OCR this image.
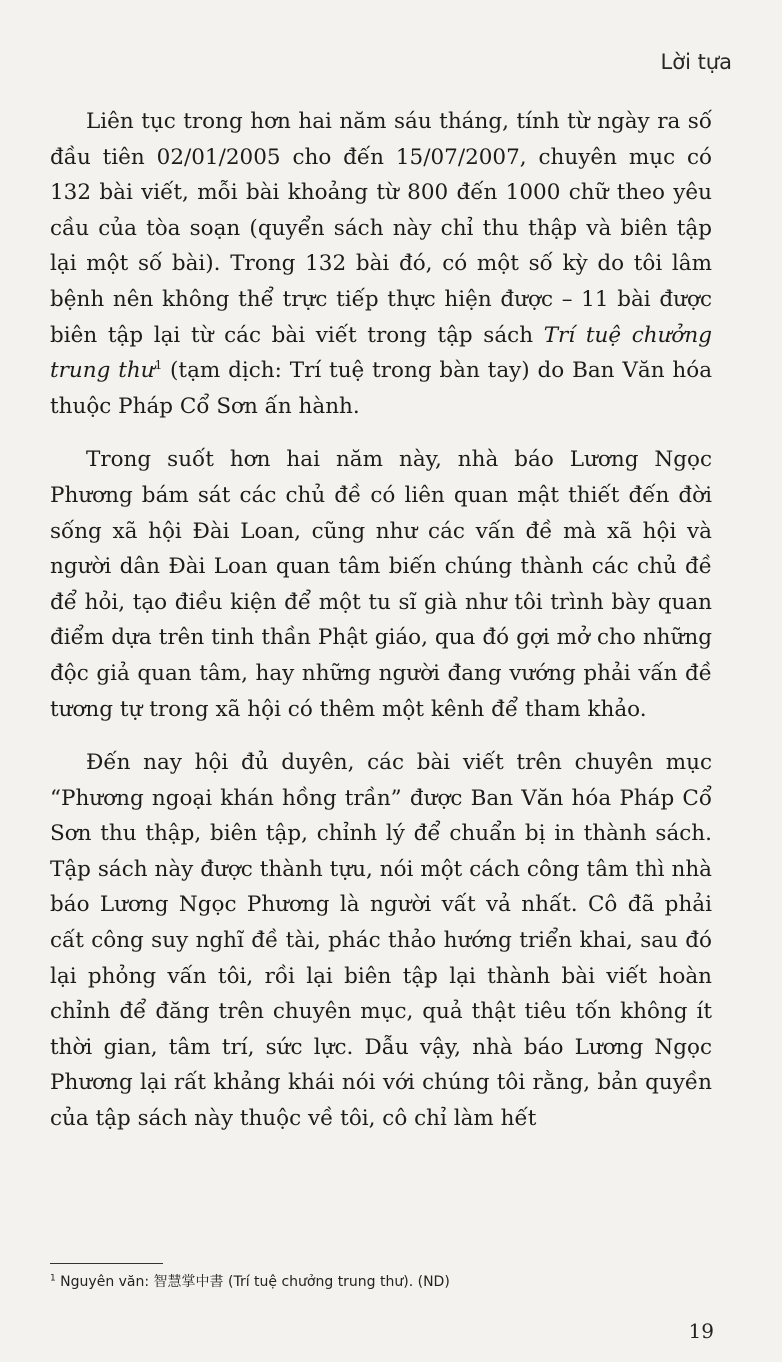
Lời tựa

Liên tục trong hơn hai năm sáu tháng, tính từ ngày ra số đầu tiên 02/01/2005 cho đến 15/07/2007, chuyên mục có 132 bài viết, mỗi bài khoảng từ 800 đến 1000 chữ theo yêu cầu của tòa soạn (quyển sách này chỉ thu thập và biên tập lại một số bài). Trong 132 bài đó, có một số kỳ do tôi lâm bệnh nên không thể trực tiếp thực hiện được – 11 bài được biên tập lại từ các bài viết trong tập sách Trí tuệ chưởng trung thư$^1$ (tạm dịch: Trí tuệ trong bàn tay) do Ban Văn hóa thuộc Pháp Cổ Sơn ấn hành.

Trong suốt hơn hai năm này, nhà báo Lương Ngọc Phương bám sát các chủ đề có liên quan mật thiết đến đời sống xã hội Đài Loan, cũng như các vấn đề mà xã hội và người dân Đài Loan quan tâm biến chúng thành các chủ đề để hỏi, tạo điều kiện để một tu sĩ già như tôi trình bày quan điểm dựa trên tinh thần Phật giáo, qua đó gợi mở cho những độc giả quan tâm, hay những người đang vướng phải vấn đề tương tự trong xã hội có thêm một kênh để tham khảo.

Đến nay hội đủ duyên, các bài viết trên chuyên mục “Phương ngoại khán hồng trần” được Ban Văn hóa Pháp Cổ Sơn thu thập, biên tập, chỉnh lý để chuẩn bị in thành sách. Tập sách này được thành tựu, nói một cách công tâm thì nhà báo Lương Ngọc Phương là người vất vả nhất. Cô đã phải cất công suy nghĩ đề tài, phác thảo hướng triển khai, sau đó lại phỏng vấn tôi, rồi lại biên tập lại thành bài viết hoàn chỉnh để đăng trên chuyên mục, quả thật tiêu tốn không ít thời gian, tâm trí, sức lực. Dẫu vậy, nhà báo Lương Ngọc Phương lại rất khảng khái nói với chúng tôi rằng, bản quyền của tập sách này thuộc về tôi, cô chỉ làm hết

$^1$ Nguyên văn: 智慧掌中書 (Trí tuệ chưởng trung thư). (ND)
19
